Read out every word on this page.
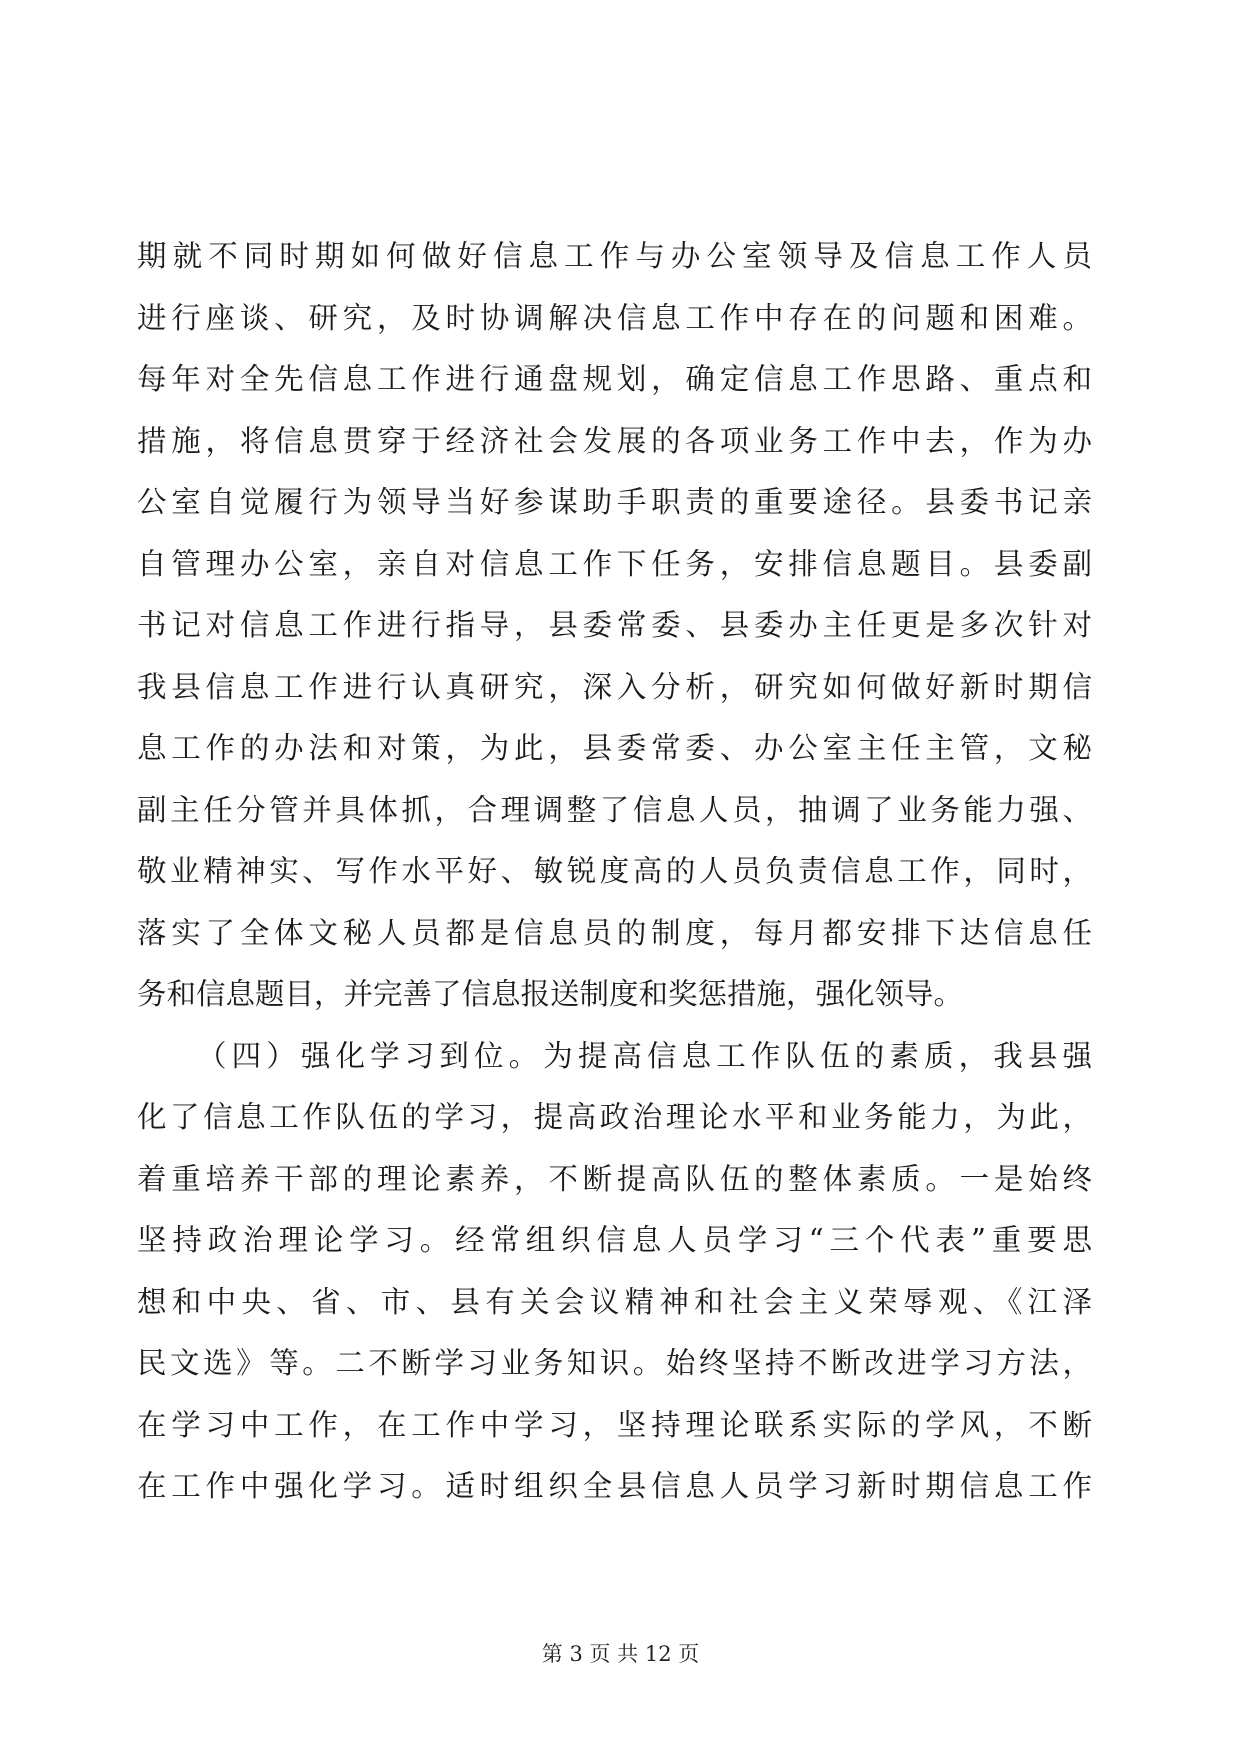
期就不同时期如何做好信息工作与办公室领导及信息工作人员
进行座谈、研究，及时协调解决信息工作中存在的问题和困难。
每年对全先信息工作进行通盘规划，确定信息工作思路、重点和
措施，将信息贯穿于经济社会发展的各项业务工作中去，作为办
公室自觉履行为领导当好参谋助手职责的重要途径。县委书记亲
自管理办公室，亲自对信息工作下任务，安排信息题目。县委副
书记对信息工作进行指导，县委常委、县委办主任更是多次针对
我县信息工作进行认真研究，深入分析，研究如何做好新时期信
息工作的办法和对策，为此，县委常委、办公室主任主管，文秘
副主任分管并具体抓，合理调整了信息人员，抽调了业务能力强、
敬业精神实、写作水平好、敏锐度高的人员负责信息工作，同时，
落实了全体文秘人员都是信息员的制度，每月都安排下达信息任
务和信息题目，并完善了信息报送制度和奖惩措施，强化领导。
（四）强化学习到位。为提高信息工作队伍的素质，我县强
化了信息工作队伍的学习，提高政治理论水平和业务能力，为此，
着重培养干部的理论素养，不断提高队伍的整体素质。一是始终
坚持政治理论学习。经常组织信息人员学习“三个代表”重要思
想和中央、省、市、县有关会议精神和社会主义荣辱观、《江泽
民文选》等。二不断学习业务知识。始终坚持不断改进学习方法，
在学习中工作，在工作中学习，坚持理论联系实际的学风，不断
在工作中强化学习。适时组织全县信息人员学习新时期信息工作
第 3 页 共 12 页
